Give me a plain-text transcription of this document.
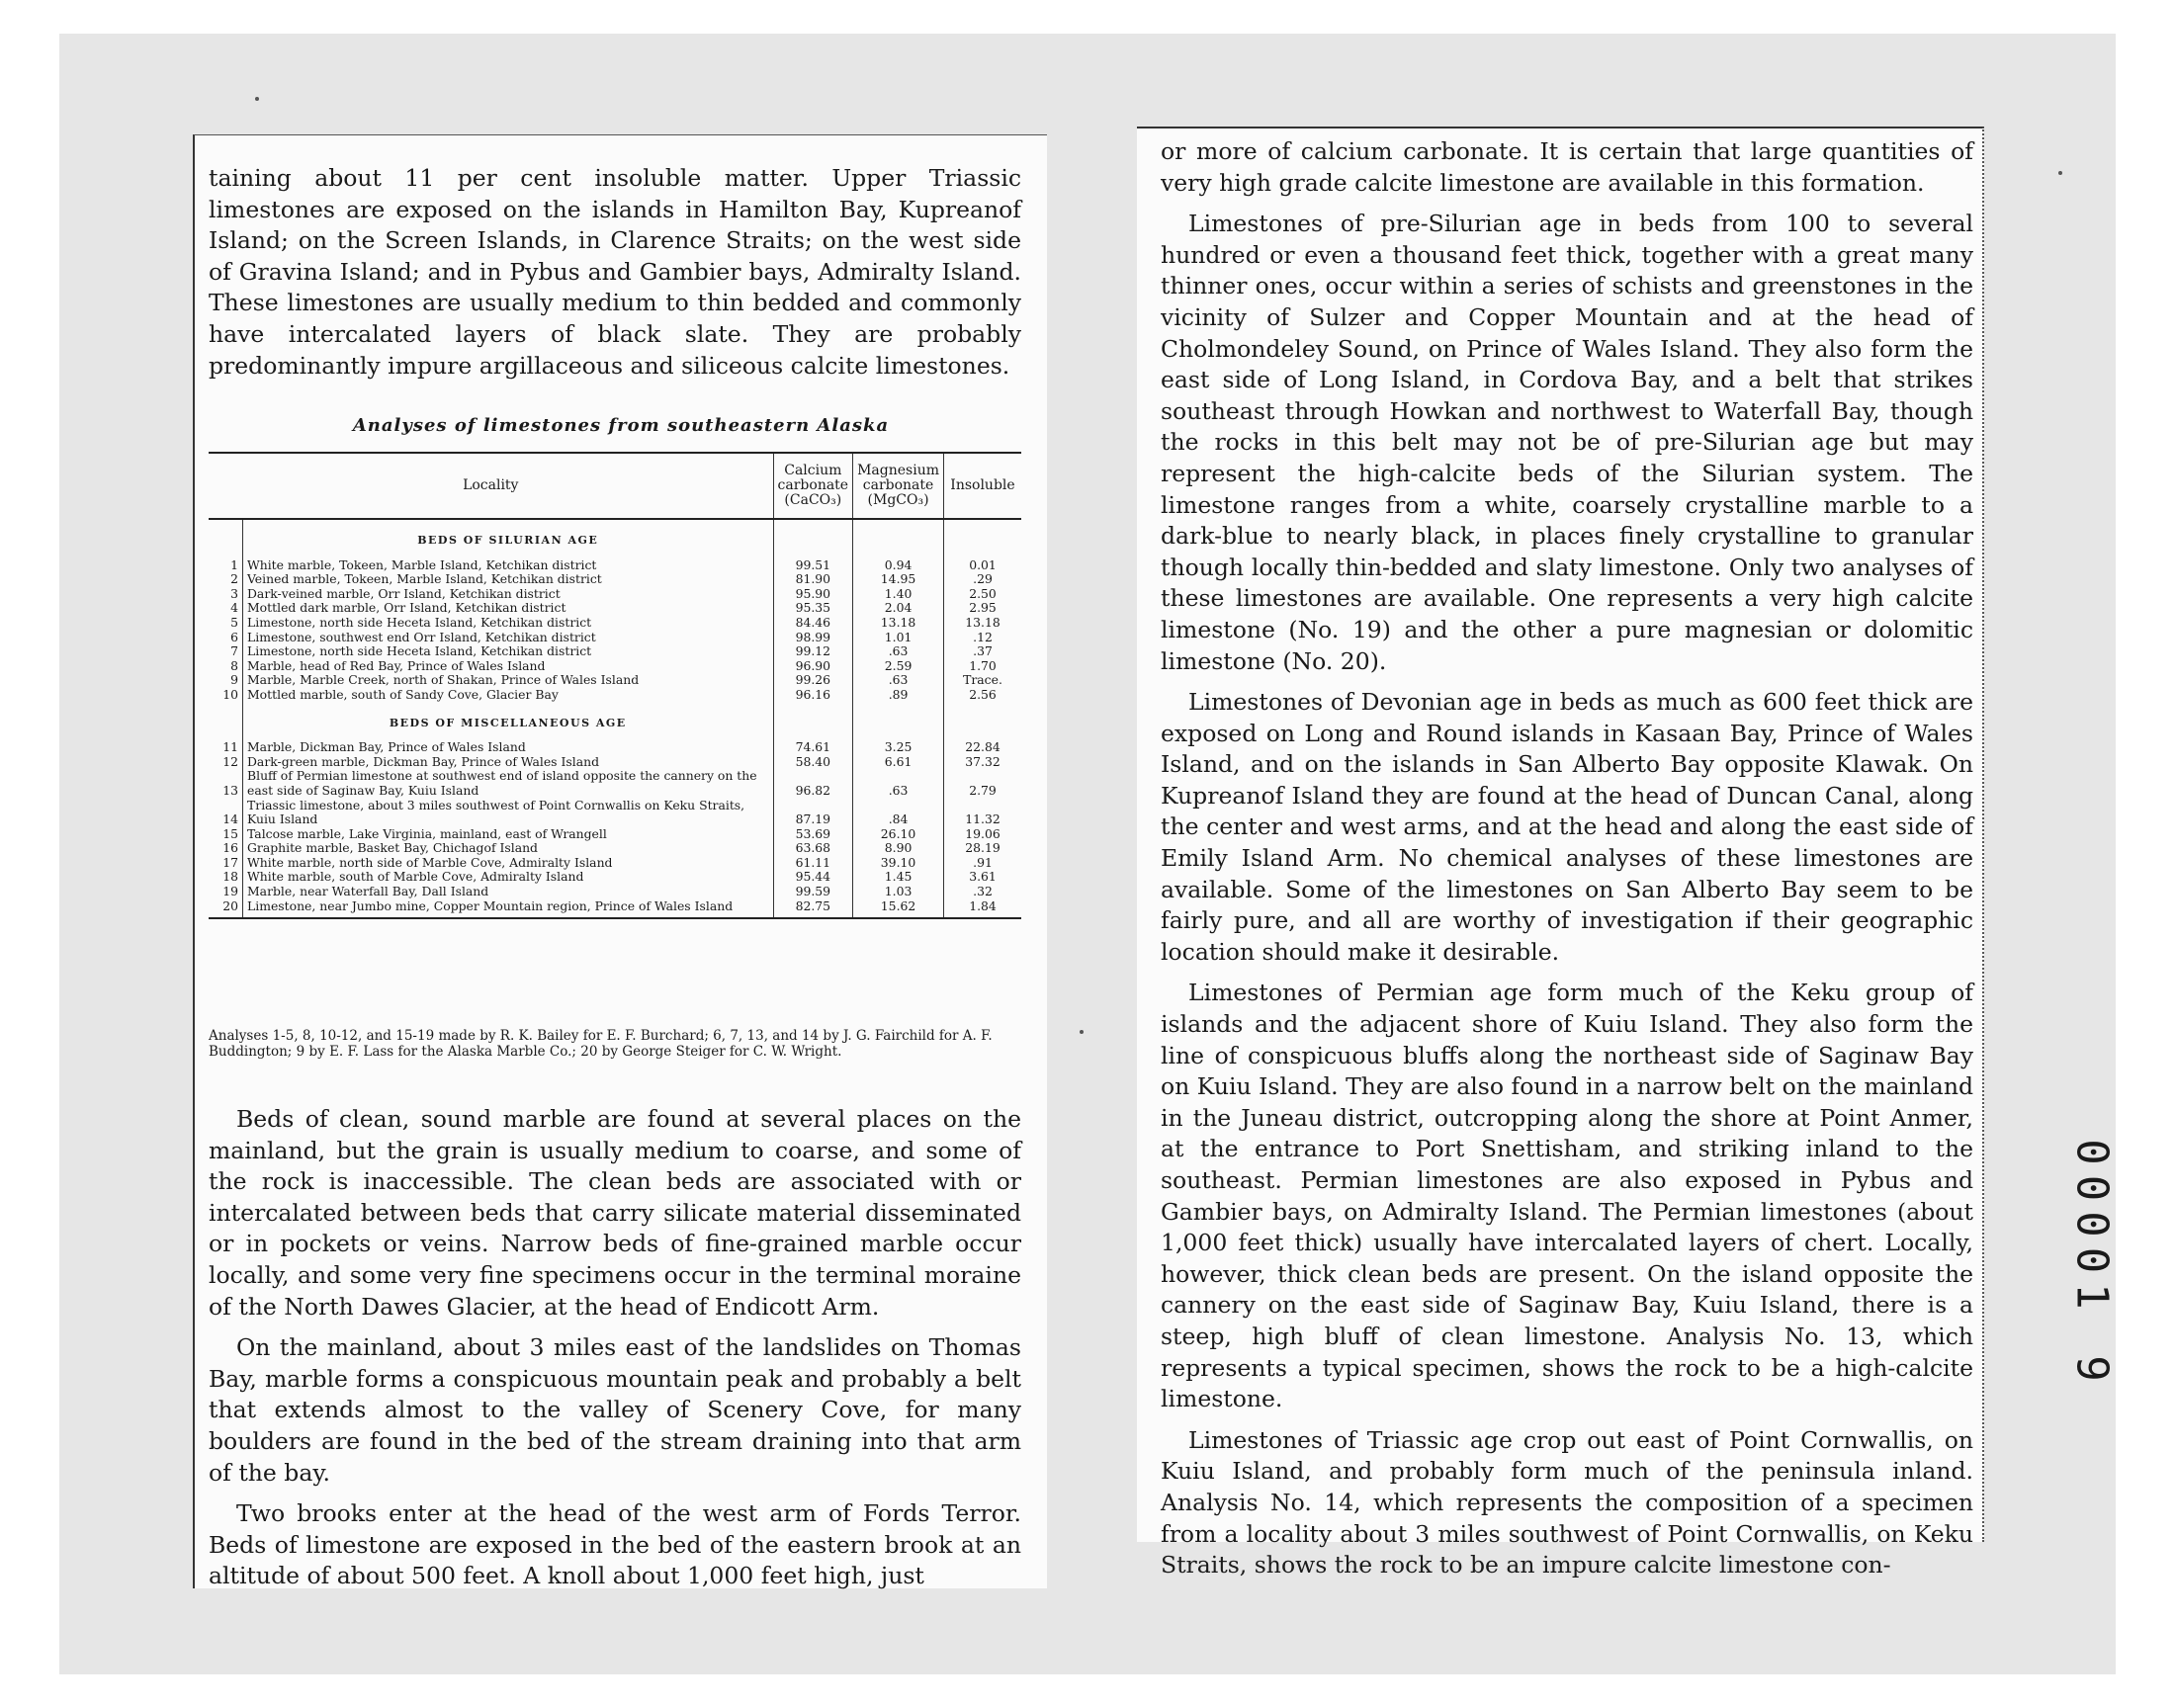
taining about 11 per cent insoluble matter. Upper Triassic limestones are exposed on the islands in Hamilton Bay, Kupreanof Island; on the Screen Islands, in Clarence Straits; on the west side of Gravina Island; and in Pybus and Gambier bays, Admiralty Island. These limestones are usually medium to thin bedded and commonly have intercalated layers of black slate. They are probably predominantly impure argillaceous and siliceous calcite limestones.

Analyses of limestones from southeastern Alaska
Locality		Calcium carbonate (CaCO₃)	Magnesium carbonate (MgCO₃)	Insoluble
	BEDS OF SILURIAN AGE			
1	White marble, Tokeen, Marble Island, Ketchikan district	99.51	0.94	0.01
2	Veined marble, Tokeen, Marble Island, Ketchikan district	81.90	14.95	.29
3	Dark-veined marble, Orr Island, Ketchikan district	95.90	1.40	2.50
4	Mottled dark marble, Orr Island, Ketchikan district	95.35	2.04	2.95
5	Limestone, north side Heceta Island, Ketchikan district	84.46	13.18	13.18
6	Limestone, southwest end Orr Island, Ketchikan district	98.99	1.01	.12
7	Limestone, north side Heceta Island, Ketchikan district	99.12	.63	.37
8	Marble, head of Red Bay, Prince of Wales Island	96.90	2.59	1.70
9	Marble, Marble Creek, north of Shakan, Prince of Wales Island	99.26	.63	Trace.
10	Mottled marble, south of Sandy Cove, Glacier Bay	96.16	.89	2.56
	BEDS OF MISCELLANEOUS AGE			
11	Marble, Dickman Bay, Prince of Wales Island	74.61	3.25	22.84
12	Dark-green marble, Dickman Bay, Prince of Wales Island	58.40	6.61	37.32
13	Bluff of Permian limestone at southwest end of island opposite the cannery on the east side of Saginaw Bay, Kuiu Island	96.82	.63	2.79
14	Triassic limestone, about 3 miles southwest of Point Cornwallis on Keku Straits, Kuiu Island	87.19	.84	11.32
15	Talcose marble, Lake Virginia, mainland, east of Wrangell	53.69	26.10	19.06
16	Graphite marble, Basket Bay, Chichagof Island	63.68	8.90	28.19
17	White marble, north side of Marble Cove, Admiralty Island	61.11	39.10	.91
18	White marble, south of Marble Cove, Admiralty Island	95.44	1.45	3.61
19	Marble, near Waterfall Bay, Dall Island	99.59	1.03	.32
20	Limestone, near Jumbo mine, Copper Mountain region, Prince of Wales Island	82.75	15.62	1.84
Analyses 1-5, 8, 10-12, and 15-19 made by R. K. Bailey for E. F. Burchard; 6, 7, 13, and 14 by J. G. Fairchild for A. F. Buddington; 9 by E. F. Lass for the Alaska Marble Co.; 20 by George Steiger for C. W. Wright.

Beds of clean, sound marble are found at several places on the mainland, but the grain is usually medium to coarse, and some of the rock is inaccessible. The clean beds are associated with or intercalated between beds that carry silicate material disseminated or in pockets or veins. Narrow beds of fine-grained marble occur locally, and some very fine specimens occur in the terminal moraine of the North Dawes Glacier, at the head of Endicott Arm.

On the mainland, about 3 miles east of the landslides on Thomas Bay, marble forms a conspicuous mountain peak and probably a belt that extends almost to the valley of Scenery Cove, for many boulders are found in the bed of the stream draining into that arm of the bay.

Two brooks enter at the head of the west arm of Fords Terror. Beds of limestone are exposed in the bed of the eastern brook at an altitude of about 500 feet. A knoll about 1,000 feet high, just

or more of calcium carbonate. It is certain that large quantities of very high grade calcite limestone are available in this formation.

Limestones of pre-Silurian age in beds from 100 to several hundred or even a thousand feet thick, together with a great many thinner ones, occur within a series of schists and greenstones in the vicinity of Sulzer and Copper Mountain and at the head of Cholmondeley Sound, on Prince of Wales Island. They also form the east side of Long Island, in Cordova Bay, and a belt that strikes southeast through Howkan and northwest to Waterfall Bay, though the rocks in this belt may not be of pre-Silurian age but may represent the high-calcite beds of the Silurian system. The limestone ranges from a white, coarsely crystalline marble to a dark-blue to nearly black, in places finely crystalline to granular though locally thin-bedded and slaty limestone. Only two analyses of these limestones are available. One represents a very high calcite limestone (No. 19) and the other a pure magnesian or dolomitic limestone (No. 20).

Limestones of Devonian age in beds as much as 600 feet thick are exposed on Long and Round islands in Kasaan Bay, Prince of Wales Island, and on the islands in San Alberto Bay opposite Klawak. On Kupreanof Island they are found at the head of Duncan Canal, along the center and west arms, and at the head and along the east side of Emily Island Arm. No chemical analyses of these limestones are available. Some of the limestones on San Alberto Bay seem to be fairly pure, and all are worthy of investigation if their geographic location should make it desirable.

Limestones of Permian age form much of the Keku group of islands and the adjacent shore of Kuiu Island. They also form the line of conspicuous bluffs along the northeast side of Saginaw Bay on Kuiu Island. They are also found in a narrow belt on the mainland in the Juneau district, outcropping along the shore at Point Anmer, at the entrance to Port Snettisham, and striking inland to the southeast. Permian limestones are also exposed in Pybus and Gambier bays, on Admiralty Island. The Permian limestones (about 1,000 feet thick) usually have intercalated layers of chert. Locally, however, thick clean beds are present. On the island opposite the cannery on the east side of Saginaw Bay, Kuiu Island, there is a steep, high bluff of clean limestone. Analysis No. 13, which represents a typical specimen, shows the rock to be a high-calcite limestone.

Limestones of Triassic age crop out east of Point Cornwallis, on Kuiu Island, and probably form much of the peninsula inland. Analysis No. 14, which represents the composition of a specimen from a locality about 3 miles southwest of Point Cornwallis, on Keku Straits, shows the rock to be an impure calcite limestone con-

00001 9
